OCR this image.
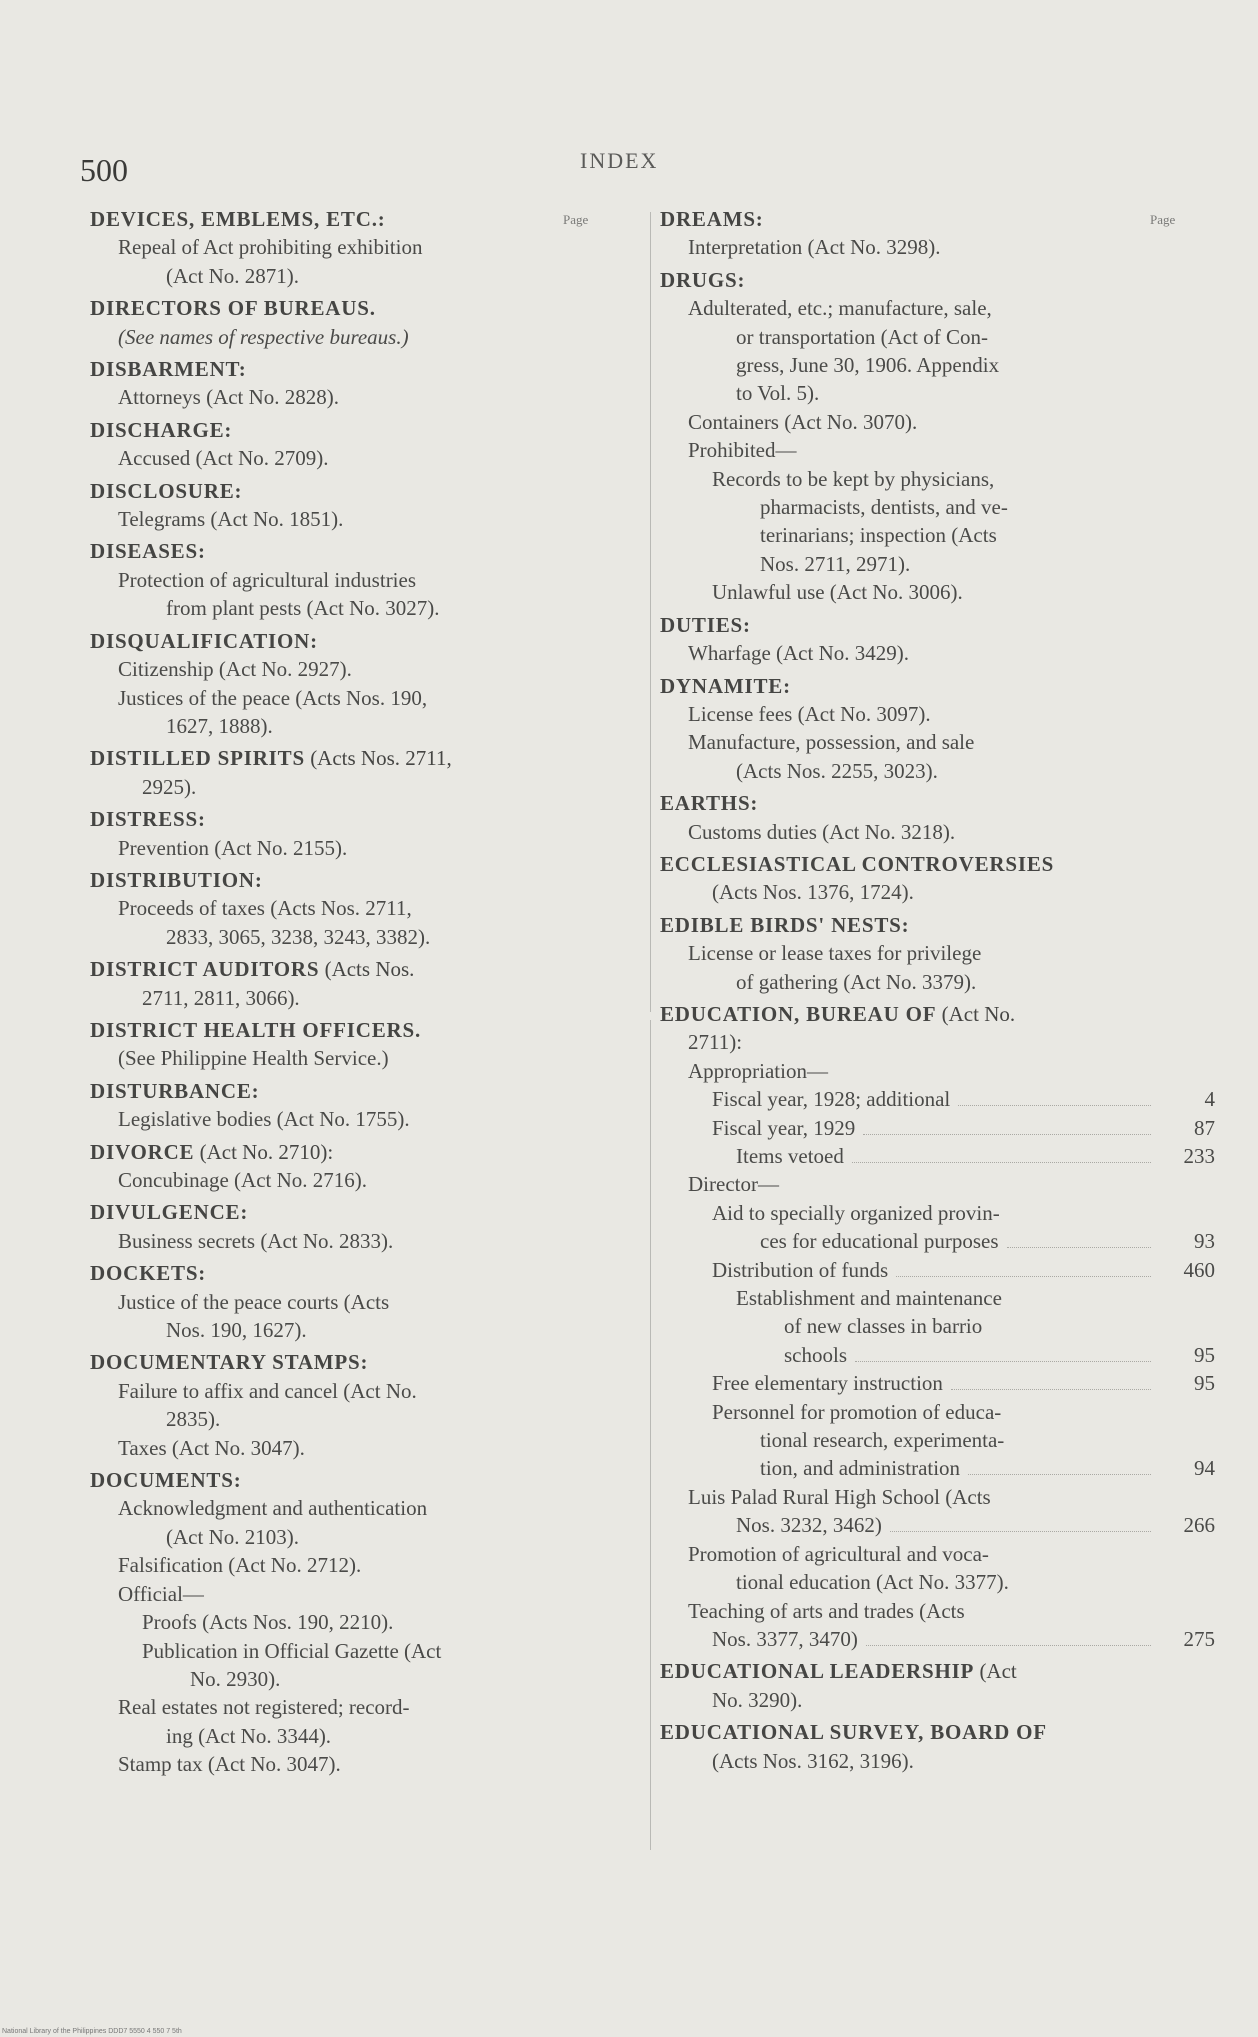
500	INDEX
Page	Page
DEVICES, EMBLEMS, ETC.:
Repeal of Act prohibiting exhibition
(Act No. 2871).
DIRECTORS OF BUREAUS.
(See names of respective bureaus.)
DISBARMENT:
Attorneys (Act No. 2828).
DISCHARGE:
Accused (Act No. 2709).
DISCLOSURE:
Telegrams (Act No. 1851).
DISEASES:
Protection of agricultural industries
from plant pests (Act No. 3027).
DISQUALIFICATION:
Citizenship (Act No. 2927).
Justices of the peace (Acts Nos. 190,
1627, 1888).
DISTILLED SPIRITS (Acts Nos. 2711,
2925).
DISTRESS:
Prevention (Act No. 2155).
DISTRIBUTION:
Proceeds of taxes (Acts Nos. 2711,
2833, 3065, 3238, 3243, 3382).
DISTRICT AUDITORS (Acts Nos.
2711, 2811, 3066).
DISTRICT HEALTH OFFICERS.
(See Philippine Health Service.)
DISTURBANCE:
Legislative bodies (Act No. 1755).
DIVORCE (Act No. 2710):
Concubinage (Act No. 2716).
DIVULGENCE:
Business secrets (Act No. 2833).
DOCKETS:
Justice of the peace courts (Acts
Nos. 190, 1627).
DOCUMENTARY STAMPS:
Failure to affix and cancel (Act No.
2835).
Taxes (Act No. 3047).
DOCUMENTS:
Acknowledgment and authentication
(Act No. 2103).
Falsification (Act No. 2712).
Official—
Proofs (Acts Nos. 190, 2210).
Publication in Official Gazette (Act
No. 2930).
Real estates not registered; record-
ing (Act No. 3344).
Stamp tax (Act No. 3047).
DREAMS:
Interpretation (Act No. 3298).
DRUGS:
Adulterated, etc.; manufacture, sale,
or transportation (Act of Con-
gress, June 30, 1906. Appendix
to Vol. 5).
Containers (Act No. 3070).
Prohibited—
Records to be kept by physicians,
pharmacists, dentists, and ve-
terinarians; inspection (Acts
Nos. 2711, 2971).
Unlawful use (Act No. 3006).
DUTIES:
Wharfage (Act No. 3429).
DYNAMITE:
License fees (Act No. 3097).
Manufacture, possession, and sale
(Acts Nos. 2255, 3023).
EARTHS:
Customs duties (Act No. 3218).
ECCLESIASTICAL CONTROVERSIES
(Acts Nos. 1376, 1724).
EDIBLE BIRDS' NESTS:
License or lease taxes for privilege
of gathering (Act No. 3379).
EDUCATION, BUREAU OF (Act No.
2711):
Appropriation—
Fiscal year, 1928; additional	4
Fiscal year, 1929	87
Items vetoed	233
Director—
Aid to specially organized provin-
ces for educational purposes	93
Distribution of funds	460
Establishment and maintenance
of new classes in barrio
schools	95
Free elementary instruction	95
Personnel for promotion of educa-
tional research, experimenta-
tion, and administration	94
Luis Palad Rural High School (Acts
Nos. 3232, 3462)	266
Promotion of agricultural and voca-
tional education (Act No. 3377).
Teaching of arts and trades (Acts
Nos. 3377, 3470)	275
EDUCATIONAL LEADERSHIP (Act
No. 3290).
EDUCATIONAL SURVEY, BOARD OF
(Acts Nos. 3162, 3196).
National Library of the Philippines DDD7 5550 4 550 7 5th
